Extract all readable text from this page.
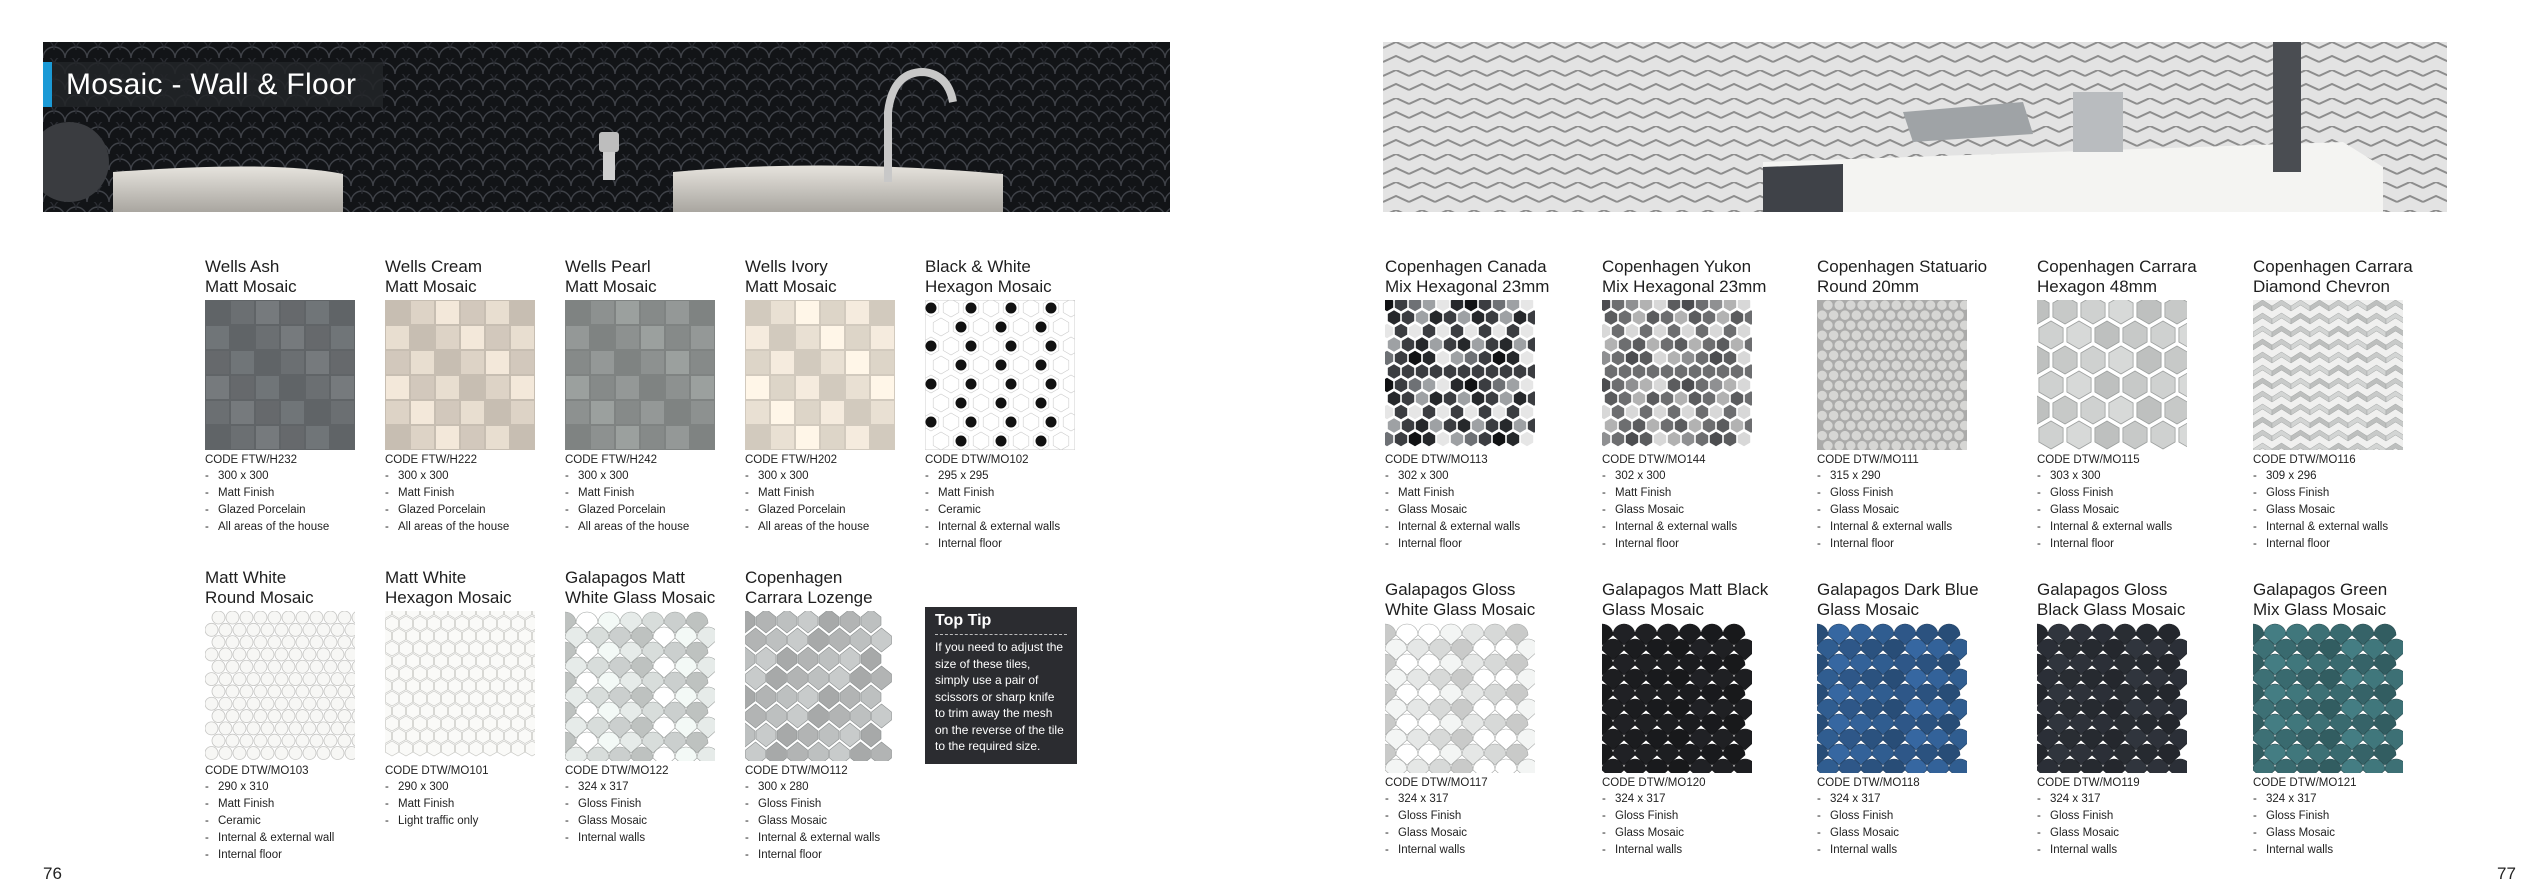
Mosaic - Wall & Floor
Wells Ash
Matt Mosaic
CODE FTW/H232
- 300 x 300
- Matt Finish
- Glazed Porcelain
- All areas of the house
Wells Cream
Matt Mosaic
CODE FTW/H222
- 300 x 300
- Matt Finish
- Glazed Porcelain
- All areas of the house
Wells Pearl
Matt Mosaic
CODE FTW/H242
- 300 x 300
- Matt Finish
- Glazed Porcelain
- All areas of the house
Wells Ivory
Matt Mosaic
CODE FTW/H202
- 300 x 300
- Matt Finish
- Glazed Porcelain
- All areas of the house
Black & White
Hexagon Mosaic
CODE DTW/MO102
- 295 x 295
- Matt Finish
- Ceramic
- Internal & external walls
- Internal floor
Matt White
Round Mosaic
CODE DTW/MO103
- 290 x 310
- Matt Finish
- Ceramic
- Internal & external wall
- Internal floor
Matt White
Hexagon Mosaic
CODE DTW/MO101
- 290 x 300
- Matt Finish
- Light traffic only
Galapagos Matt
White Glass Mosaic
CODE DTW/MO122
- 324 x 317
- Gloss Finish
- Glass Mosaic
- Internal walls
Copenhagen
Carrara Lozenge
CODE DTW/MO112
- 300 x 280
- Gloss Finish
- Glass Mosaic
- Internal & external walls
- Internal floor
Top Tip
If you need to adjust the size of these tiles, simply use a pair of scissors or sharp knife to trim away the mesh on the reverse of the tile to the required size.
Copenhagen Canada
Mix Hexagonal 23mm
CODE DTW/MO113
- 302 x 300
- Matt Finish
- Glass Mosaic
- Internal & external walls
- Internal floor
Copenhagen Yukon
Mix Hexagonal 23mm
CODE DTW/MO144
- 302 x 300
- Matt Finish
- Glass Mosaic
- Internal & external walls
- Internal floor
Copenhagen Statuario
Round 20mm
CODE DTW/MO111
- 315 x 290
- Gloss Finish
- Glass Mosaic
- Internal & external walls
- Internal floor
Copenhagen Carrara
Hexagon 48mm
CODE DTW/MO115
- 303 x 300
- Gloss Finish
- Glass Mosaic
- Internal & external walls
- Internal floor
Copenhagen Carrara
Diamond Chevron
CODE DTW/MO116
- 309 x 296
- Gloss Finish
- Glass Mosaic
- Internal & external walls
- Internal floor
Galapagos Gloss
White Glass Mosaic
CODE DTW/MO117
- 324 x 317
- Gloss Finish
- Glass Mosaic
- Internal walls
Galapagos Matt Black
Glass Mosaic
CODE DTW/MO120
- 324 x 317
- Gloss Finish
- Glass Mosaic
- Internal walls
Galapagos Dark Blue
Glass Mosaic
CODE DTW/MO118
- 324 x 317
- Gloss Finish
- Glass Mosaic
- Internal walls
Galapagos Gloss
Black Glass Mosaic
CODE DTW/MO119
- 324 x 317
- Gloss Finish
- Glass Mosaic
- Internal walls
Galapagos Green
Mix Glass Mosaic
CODE DTW/MO121
- 324 x 317
- Gloss Finish
- Glass Mosaic
- Internal walls
76	77
